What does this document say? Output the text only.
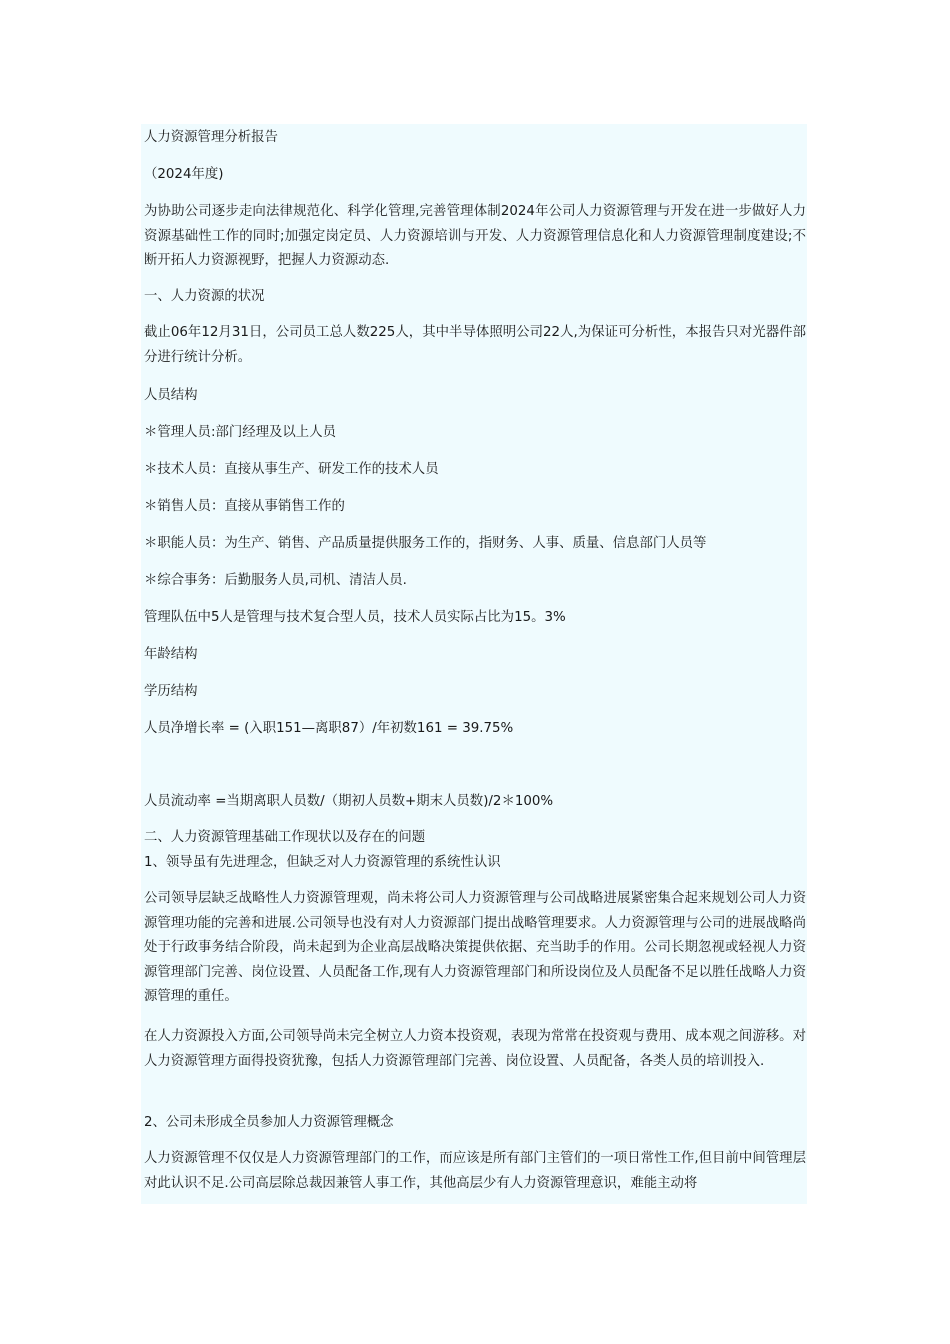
人力资源管理分析报告
（2024年度)
为协助公司逐步走向法律规范化、科学化管理,完善管理体制2024年公司人力资源管理与开发在进一步做好人力资源基础性工作的同时;加强定岗定员、人力资源培训与开发、人力资源管理信息化和人力资源管理制度建设;不断开拓人力资源视野，把握人力资源动态.
一、人力资源的状况
截止06年12月31日，公司员工总人数225人，其中半导体照明公司22人,为保证可分析性，本报告只对光器件部分进行统计分析。
人员结构
＊管理人员:部门经理及以上人员
＊技术人员：直接从事生产、研发工作的技术人员
＊销售人员：直接从事销售工作的
＊职能人员：为生产、销售、产品质量提供服务工作的，指财务、人事、质量、信息部门人员等
＊综合事务：后勤服务人员,司机、清洁人员.
管理队伍中5人是管理与技术复合型人员，技术人员实际占比为15。3%
年龄结构
学历结构
人员净增长率 = (入职151—离职87）/年初数161 = 39.75%
人员流动率 =当期离职人员数/（期初人员数+期末人员数)/2＊100%
二、人力资源管理基础工作现状以及存在的问题
1、领导虽有先进理念，但缺乏对人力资源管理的系统性认识
公司领导层缺乏战略性人力资源管理观，尚未将公司人力资源管理与公司战略进展紧密集合起来规划公司人力资源管理功能的完善和进展.公司领导也没有对人力资源部门提出战略管理要求。人力资源管理与公司的进展战略尚处于行政事务结合阶段，尚未起到为企业高层战略决策提供依据、充当助手的作用。公司长期忽视或轻视人力资源管理部门完善、岗位设置、人员配备工作,现有人力资源管理部门和所设岗位及人员配备不足以胜任战略人力资源管理的重任。
在人力资源投入方面,公司领导尚未完全树立人力资本投资观，表现为常常在投资观与费用、成本观之间游移。对人力资源管理方面得投资犹豫，包括人力资源管理部门完善、岗位设置、人员配备，各类人员的培训投入.
2、公司未形成全员参加人力资源管理概念
人力资源管理不仅仅是人力资源管理部门的工作，而应该是所有部门主管们的一项日常性工作,但目前中间管理层对此认识不足.公司高层除总裁因兼管人事工作，其他高层少有人力资源管理意识，难能主动将
